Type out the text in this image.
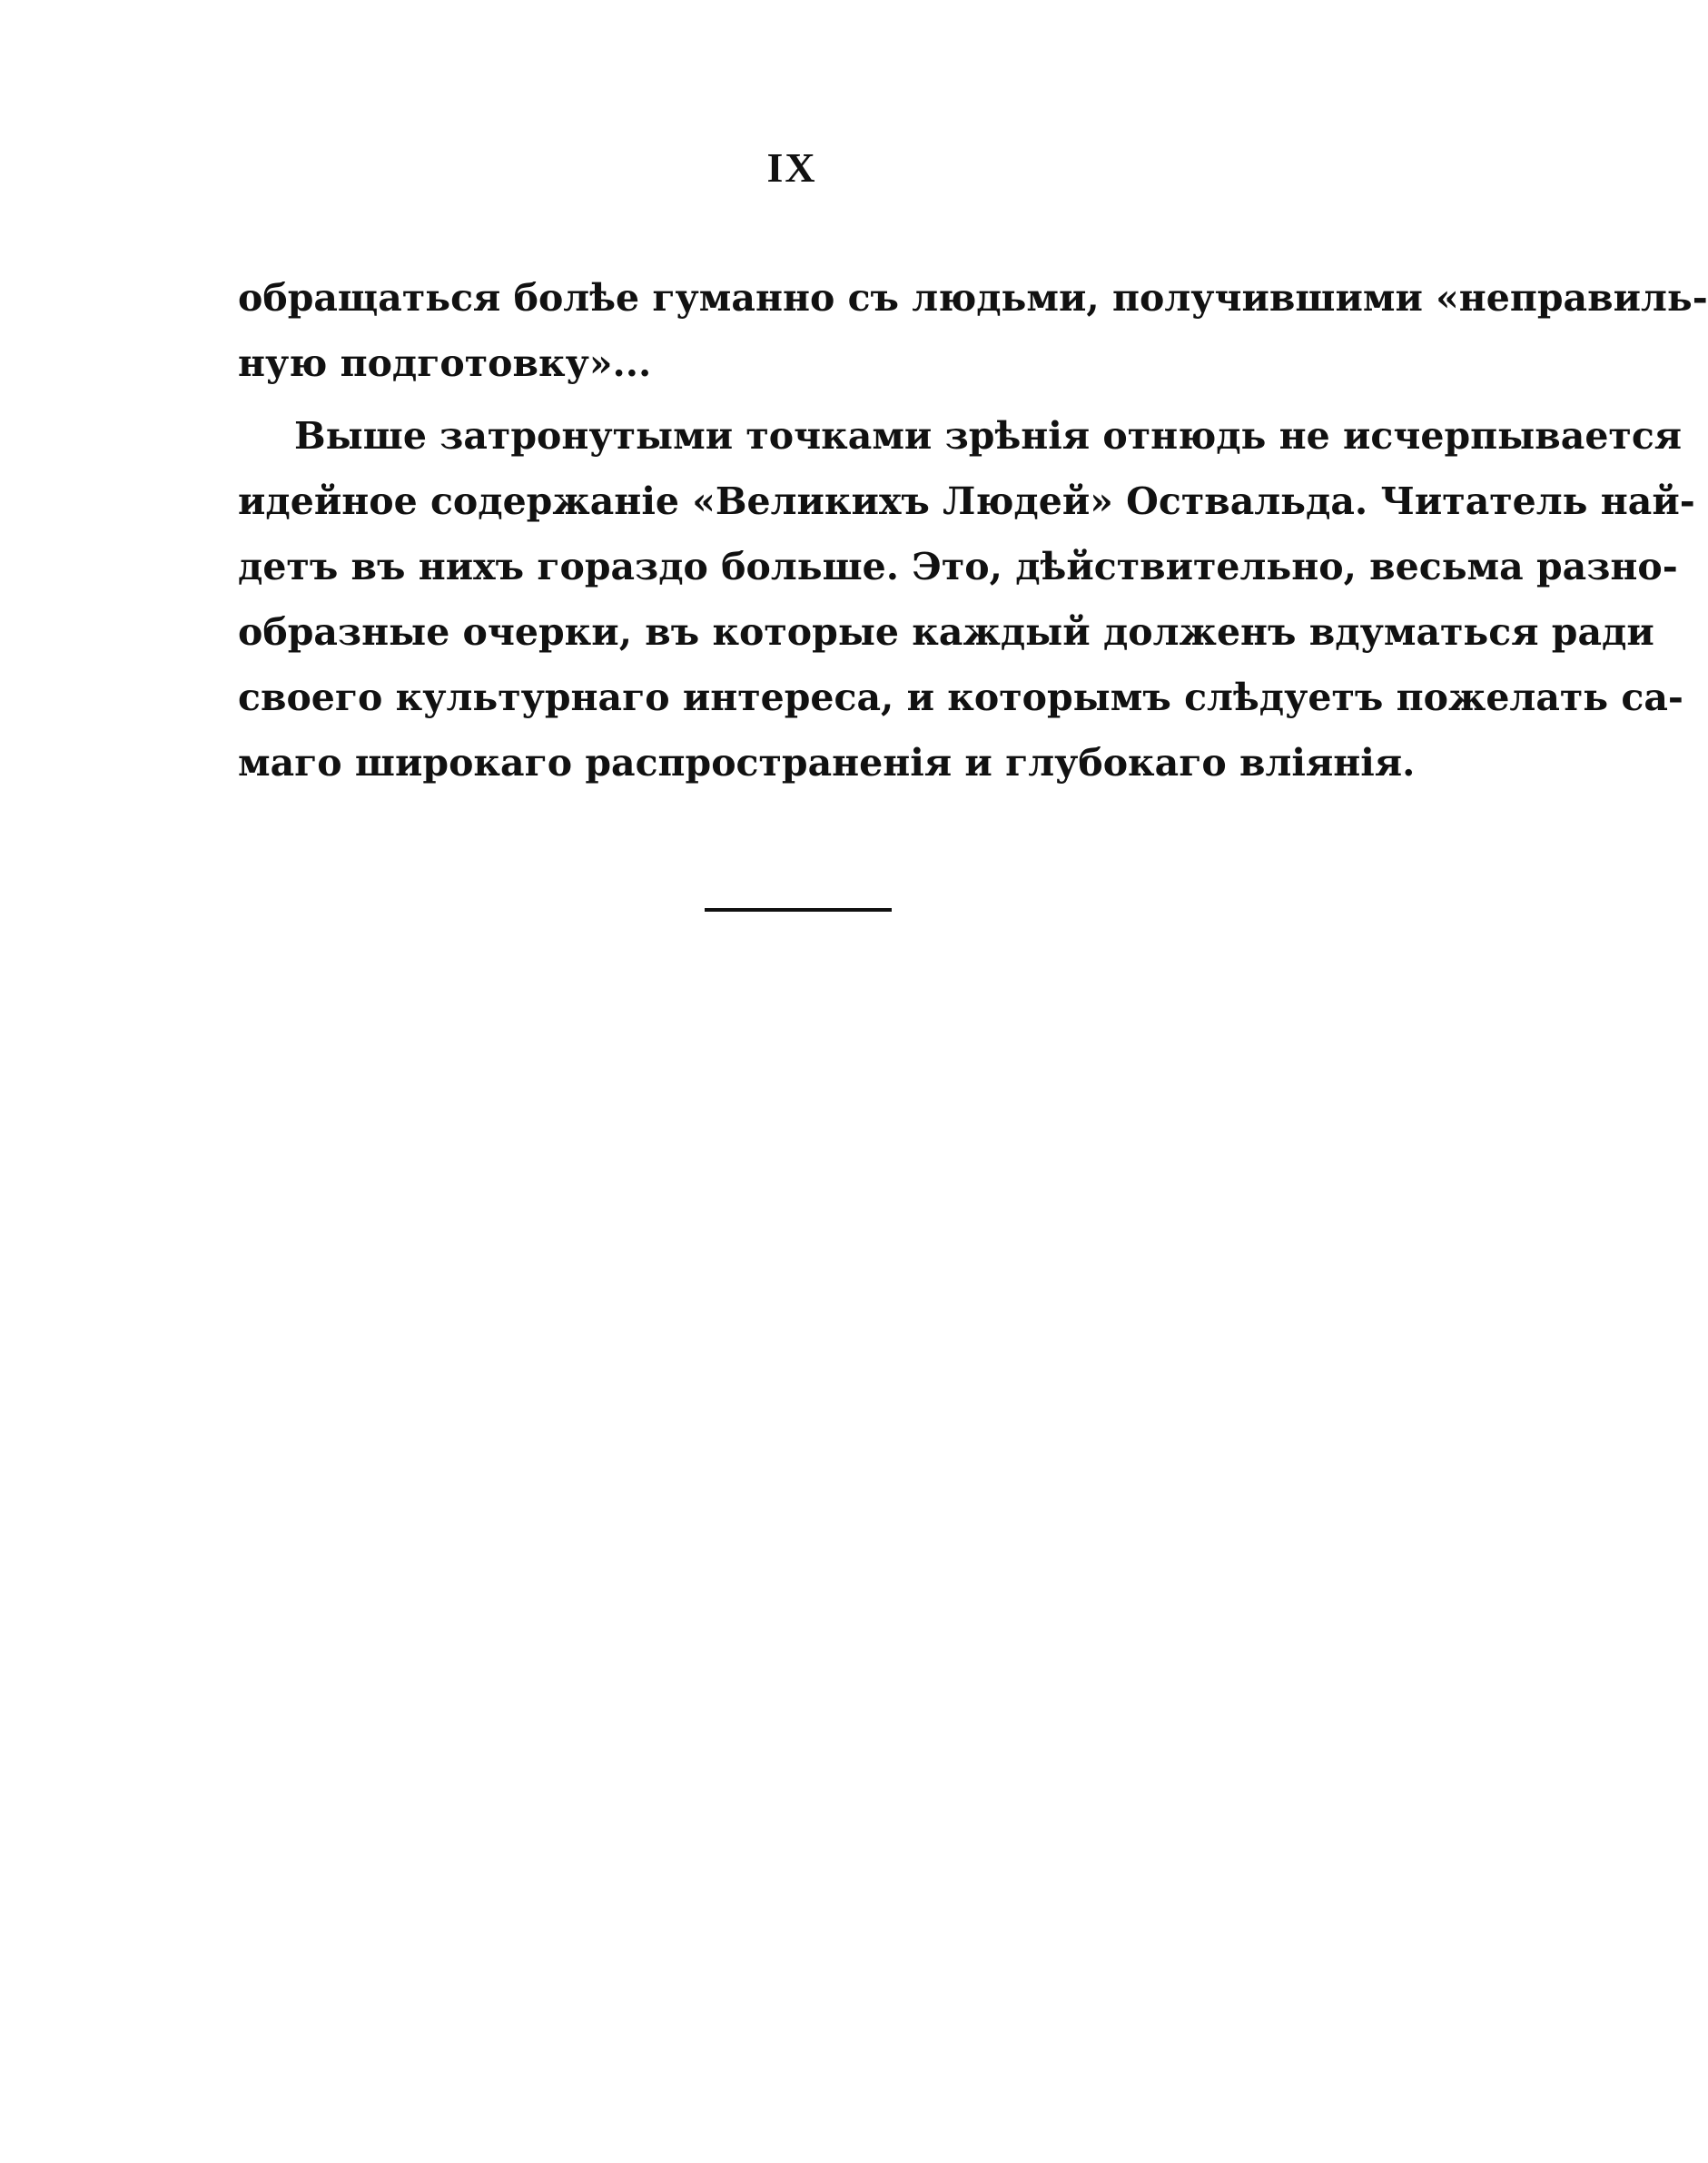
IX
обращаться болѣе гуманно съ людьми, получившими «неправиль-
ную подготовку»...
Выше затронутыми точками зрѣнія отнюдь не исчерпывается
идейное содержаніе «Великихъ Людей» Оствальда. Читатель най-
детъ въ нихъ гораздо больше. Это, дѣйствительно, весьма разно-
образные очерки, въ которые каждый долженъ вдуматься ради
своего культурнаго интереса, и которымъ слѣдуетъ пожелать са-
маго широкаго распространенія и глубокаго вліянія.
